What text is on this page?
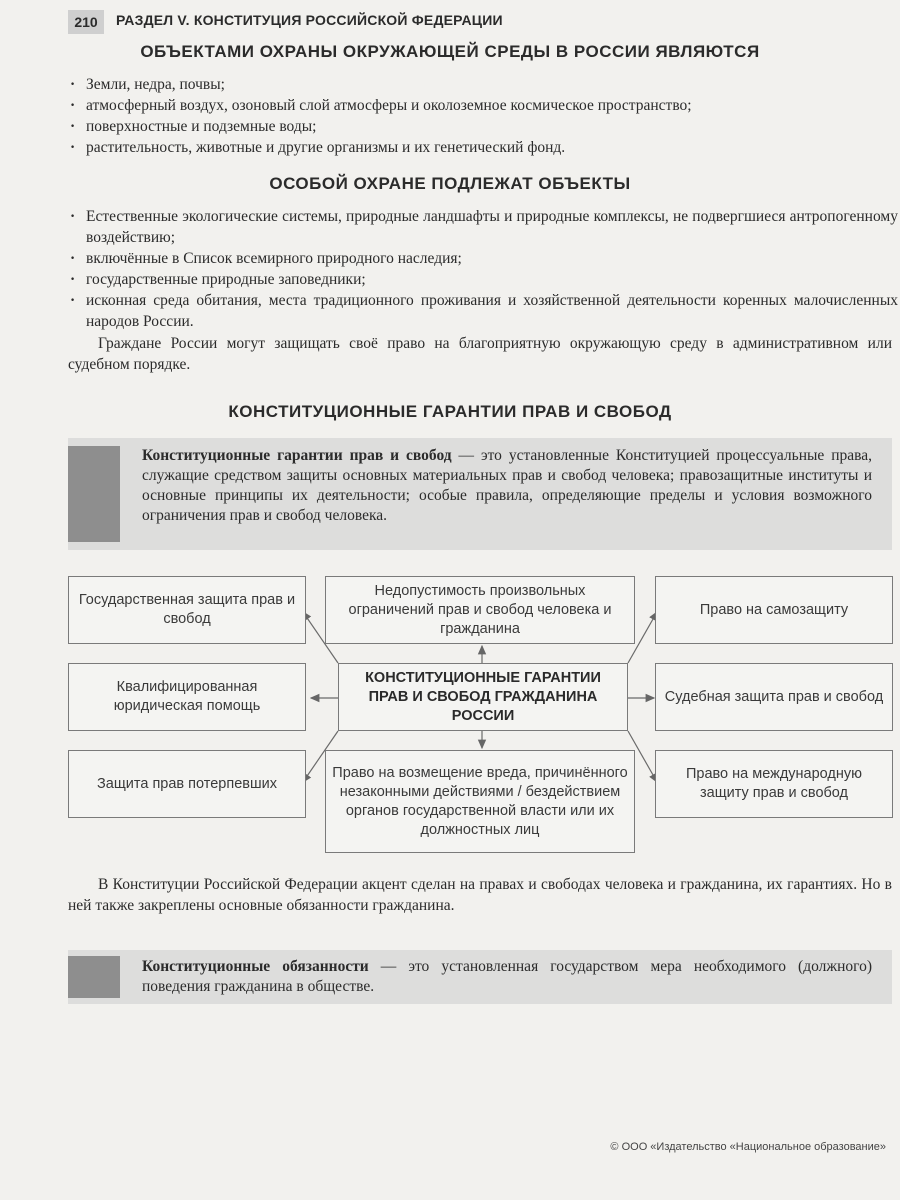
210	РАЗДЕЛ V. КОНСТИТУЦИЯ РОССИЙСКОЙ ФЕДЕРАЦИИ
ОБЪЕКТАМИ ОХРАНЫ ОКРУЖАЮЩЕЙ СРЕДЫ В РОССИИ ЯВЛЯЮТСЯ
· Земли, недра, почвы;
· атмосферный воздух, озоновый слой атмосферы и околоземное космическое пространство;
· поверхностные и подземные воды;
· растительность, животные и другие организмы и их генетический фонд.
ОСОБОЙ ОХРАНЕ ПОДЛЕЖАТ ОБЪЕКТЫ
· Естественные экологические системы, природные ландшафты и природные комплексы, не подвергшиеся антропогенному воздействию;
· включённые в Список всемирного природного наследия;
· государственные природные заповедники;
· исконная среда обитания, места традиционного проживания и хозяйственной деятельности коренных малочисленных народов России.
Граждане России могут защищать своё право на благоприятную окружающую среду в административном или судебном порядке.
КОНСТИТУЦИОННЫЕ ГАРАНТИИ ПРАВ И СВОБОД
Конституционные гарантии прав и свобод — это установленные Конституцией процессуальные права, служащие средством защиты основных материальных прав и свобод человека; правозащитные институты и основные принципы их деятельности; особые правила, определяющие пределы и условия возможного ограничения прав и свобод человека.
Государственная защита прав и свобод
Недопустимость произвольных ограничений прав и свобод человека и гражданина
Право на самозащиту
Квалифицированная юридическая помощь
КОНСТИТУЦИОННЫЕ ГАРАНТИИ ПРАВ И СВОБОД ГРАЖДАНИНА РОССИИ
Судебная защита прав и свобод
Защита прав потерпевших
Право на возмещение вреда, причинённого незаконными действиями / бездействием органов государственной власти или их должностных лиц
Право на международную защиту прав и свобод
В Конституции Российской Федерации акцент сделан на правах и свободах человека и гражданина, их гарантиях. Но в ней также закреплены основные обязанности гражданина.
Конституционные обязанности — это установленная государством мера необходимого (должного) поведения гражданина в обществе.
© ООО «Издательство «Национальное образование»
